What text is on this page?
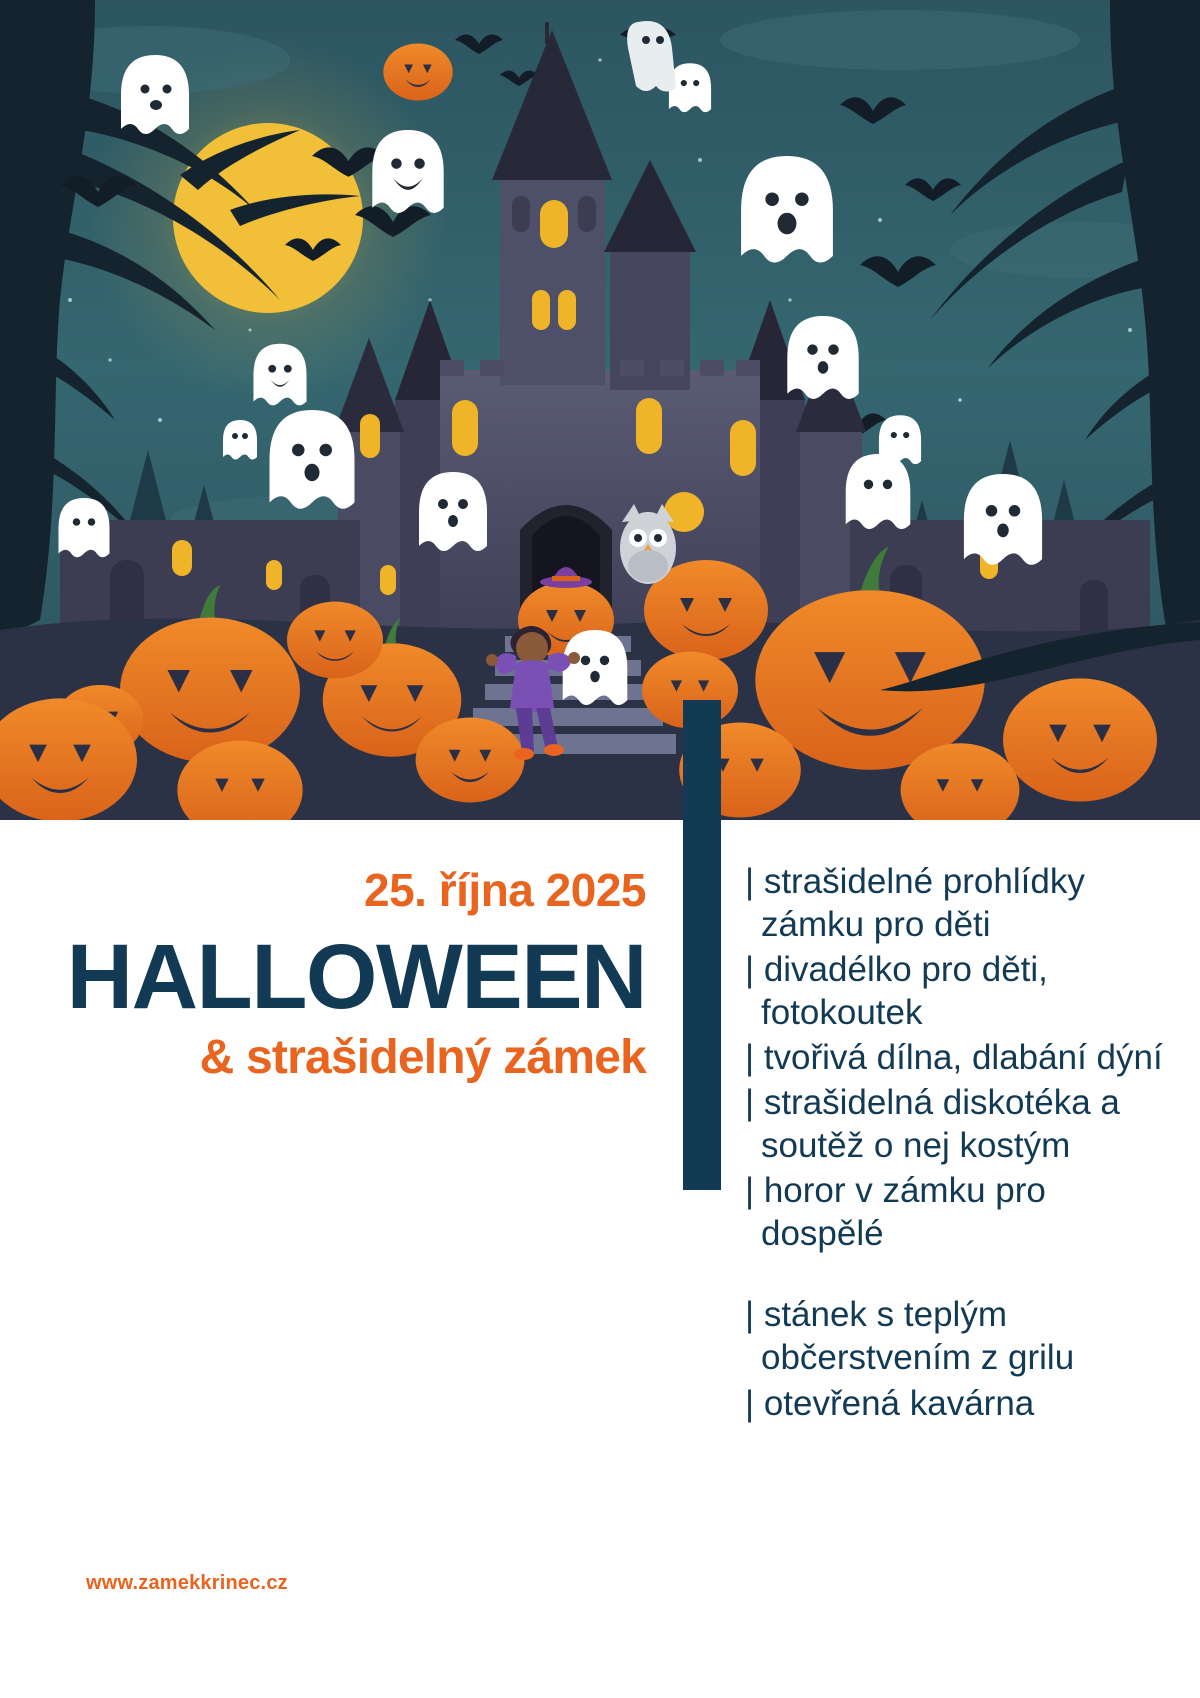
25. října 2025
HALLOWEEN
& strašidelný zámek

| strašidelné prohlídky zámku pro děti

| divadélko pro děti, fotokoutek

| tvořivá dílna, dlabání dýní

| strašidelná diskotéka a soutěž o nej kostým

| horor v zámku pro dospělé

| stánek s teplým občerstvením z grilu

| otevřená kavárna

www.zamekkrinec.cz
